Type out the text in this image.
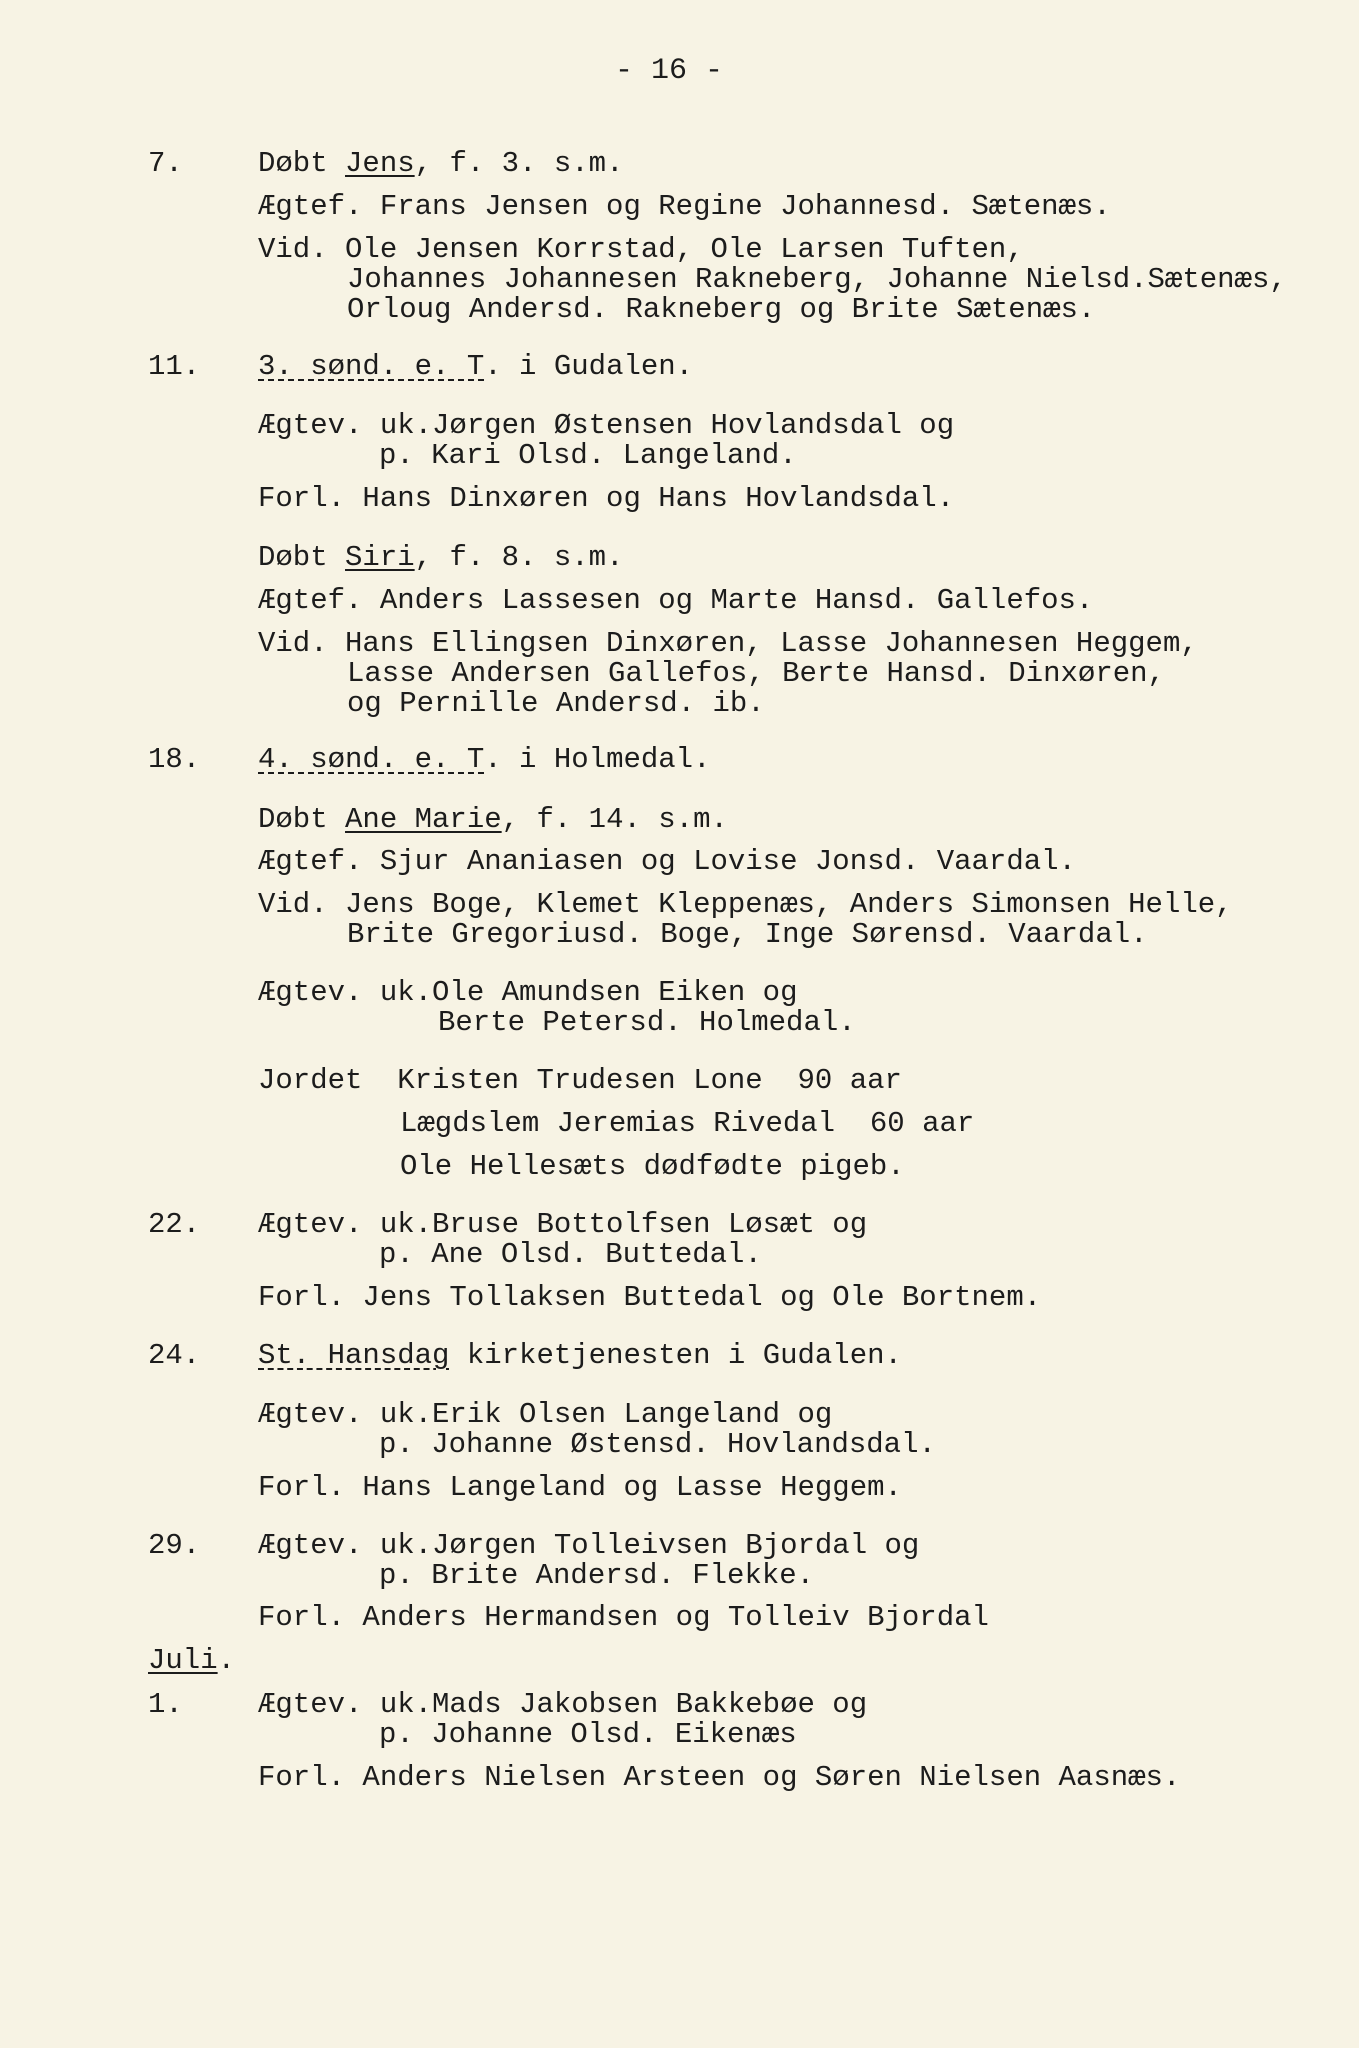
- 16 -
7.	Døbt Jens, f. 3. s.m.
Ægtef. Frans Jensen og Regine Johannesd. Sætenæs.
Vid. Ole Jensen Korrstad, Ole Larsen Tuften,
Johannes Johannesen Rakneberg, Johanne Nielsd.Sætenæs,
Orloug Andersd. Rakneberg og Brite Sætenæs.
11. 3. sønd. e. T. i Gudalen.
Ægtev. uk.Jørgen Østensen Hovlandsdal og
p. Kari Olsd. Langeland.
Forl. Hans Dinxøren og Hans Hovlandsdal.
Døbt Siri, f. 8. s.m.
Ægtef. Anders Lassesen og Marte Hansd. Gallefos.
Vid. Hans Ellingsen Dinxøren, Lasse Johannesen Heggem,
Lasse Andersen Gallefos, Berte Hansd. Dinxøren,
og Pernille Andersd. ib.
18. 4. sønd. e. T. i Holmedal.
Døbt Ane Marie, f. 14. s.m.
Ægtef. Sjur Ananiasen og Lovise Jonsd. Vaardal.
Vid. Jens Boge, Klemet Kleppenæs, Anders Simonsen Helle,
Brite Gregoriusd. Boge, Inge Sørensd. Vaardal.
Ægtev. uk.Ole Amundsen Eiken og
Berte Petersd. Holmedal.
Jordet  Kristen Trudesen Lone  90 aar
Lægdslem Jeremias Rivedal  60 aar
Ole Hellesæts dødfødte pigeb.
22. Ægtev. uk.Bruse Bottolfsen Løsæt og
p. Ane Olsd. Buttedal.
Forl. Jens Tollaksen Buttedal og Ole Bortnem.
24. St. Hansdag kirketjenesten i Gudalen.
Ægtev. uk.Erik Olsen Langeland og
p. Johanne Østensd. Hovlandsdal.
Forl. Hans Langeland og Lasse Heggem.
29. Ægtev. uk.Jørgen Tolleivsen Bjordal og
p. Brite Andersd. Flekke.
Forl. Anders Hermandsen og Tolleiv Bjordal
Juli.
1.	Ægtev. uk.Mads Jakobsen Bakkebøe og
p. Johanne Olsd. Eikenæs
Forl. Anders Nielsen Arsteen og Søren Nielsen Aasnæs.
